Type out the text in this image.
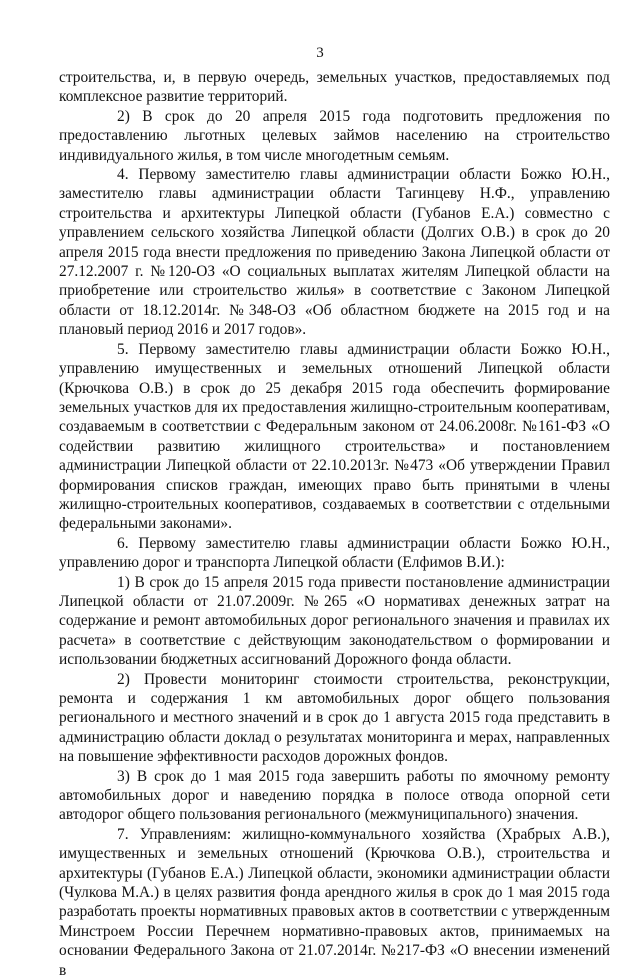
3

строительства, и, в первую очередь, земельных участков, предоставляемых под комплексное развитие территорий.

2) В срок до 20 апреля 2015 года подготовить предложения по предоставлению льготных целевых займов населению на строительство индивидуального жилья, в том числе многодетным семьям.

4. Первому заместителю главы администрации области Божко Ю.Н., заместителю главы администрации области Тагинцеву Н.Ф., управлению строительства и архитектуры Липецкой области (Губанов Е.А.) совместно с управлением сельского хозяйства Липецкой области (Долгих О.В.) в срок до 20 апреля 2015 года внести предложения по приведению Закона Липецкой области от 27.12.2007 г. №120-ОЗ «О социальных выплатах жителям Липецкой области на приобретение или строительство жилья» в соответствие с Законом Липецкой области от 18.12.2014г. №348-ОЗ «Об областном бюджете на 2015 год и на плановый период 2016 и 2017 годов».

5. Первому заместителю главы администрации области Божко Ю.Н., управлению имущественных и земельных отношений Липецкой области (Крючкова О.В.) в срок до 25 декабря 2015 года обеспечить формирование земельных участков для их предоставления жилищно-строительным кооперативам, создаваемым в соответствии с Федеральным законом от 24.06.2008г. №161-ФЗ «О содействии развитию жилищного строительства» и постановлением администрации Липецкой области от 22.10.2013г. №473 «Об утверждении Правил формирования списков граждан, имеющих право быть принятыми в члены жилищно-строительных кооперативов, создаваемых в соответствии с отдельными федеральными законами».

6. Первому заместителю главы администрации области Божко Ю.Н., управлению дорог и транспорта Липецкой области (Елфимов В.И.):

1) В срок до 15 апреля 2015 года привести постановление администрации Липецкой области от 21.07.2009г. №265 «О нормативах денежных затрат на содержание и ремонт автомобильных дорог регионального значения и правилах их расчета» в соответствие с действующим законодательством о формировании и использовании бюджетных ассигнований Дорожного фонда области.

2) Провести мониторинг стоимости строительства, реконструкции, ремонта и содержания 1 км автомобильных дорог общего пользования регионального и местного значений и в срок до 1 августа 2015 года представить в администрацию области доклад о результатах мониторинга и мерах, направленных на повышение эффективности расходов дорожных фондов.

3) В срок до 1 мая 2015 года завершить работы по ямочному ремонту автомобильных дорог и наведению порядка в полосе отвода опорной сети автодорог общего пользования регионального (межмуниципального) значения.

7. Управлениям: жилищно-коммунального хозяйства (Храбрых А.В.), имущественных и земельных отношений (Крючкова О.В.), строительства и архитектуры (Губанов Е.А.) Липецкой области, экономики администрации области (Чулкова М.А.) в целях развития фонда арендного жилья в срок до 1 мая 2015 года разработать проекты нормативных правовых актов в соответствии с утвержденным Минстроем России Перечнем нормативно-правовых актов, принимаемых на основании Федерального Закона от 21.07.2014г. №217-ФЗ «О внесении изменений в
